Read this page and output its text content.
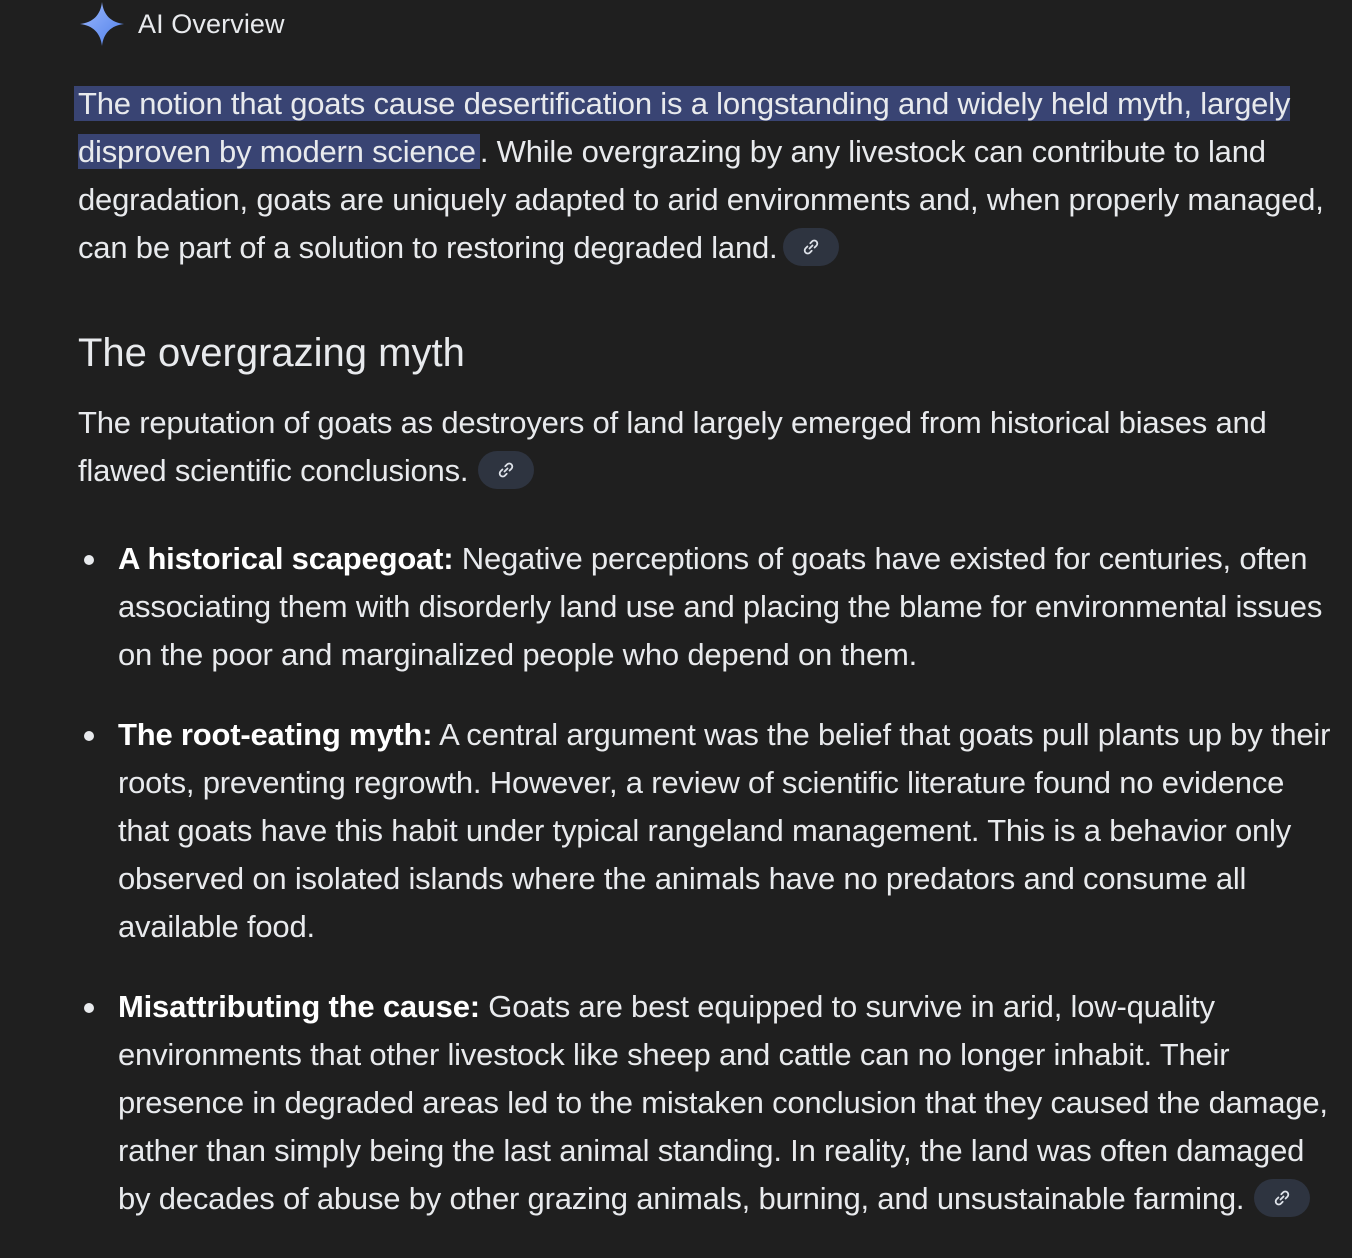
AI Overview

The notion that goats cause desertification is a longstanding and widely held myth, largely disproven by modern science . While overgrazing by any livestock can contribute to land degradation, goats are uniquely adapted to arid environments and, when properly managed, can be part of a solution to restoring degraded land.

The overgrazing myth

The reputation of goats as destroyers of land largely emerged from historical biases and flawed scientific conclusions.

A historical scapegoat: Negative perceptions of goats have existed for centuries, often associating them with disorderly land use and placing the blame for environmental issues on the poor and marginalized people who depend on them.
The root-eating myth: A central argument was the belief that goats pull plants up by their roots, preventing regrowth. However, a review of scientific literature found no evidence that goats have this habit under typical rangeland management. This is a behavior only observed on isolated islands where the animals have no predators and consume all available food.
Misattributing the cause: Goats are best equipped to survive in arid, low-quality environments that other livestock like sheep and cattle can no longer inhabit. Their presence in degraded areas led to the mistaken conclusion that they caused the damage, rather than simply being the last animal standing. In reality, the land was often damaged by decades of abuse by other grazing animals, burning, and unsustainable farming.
